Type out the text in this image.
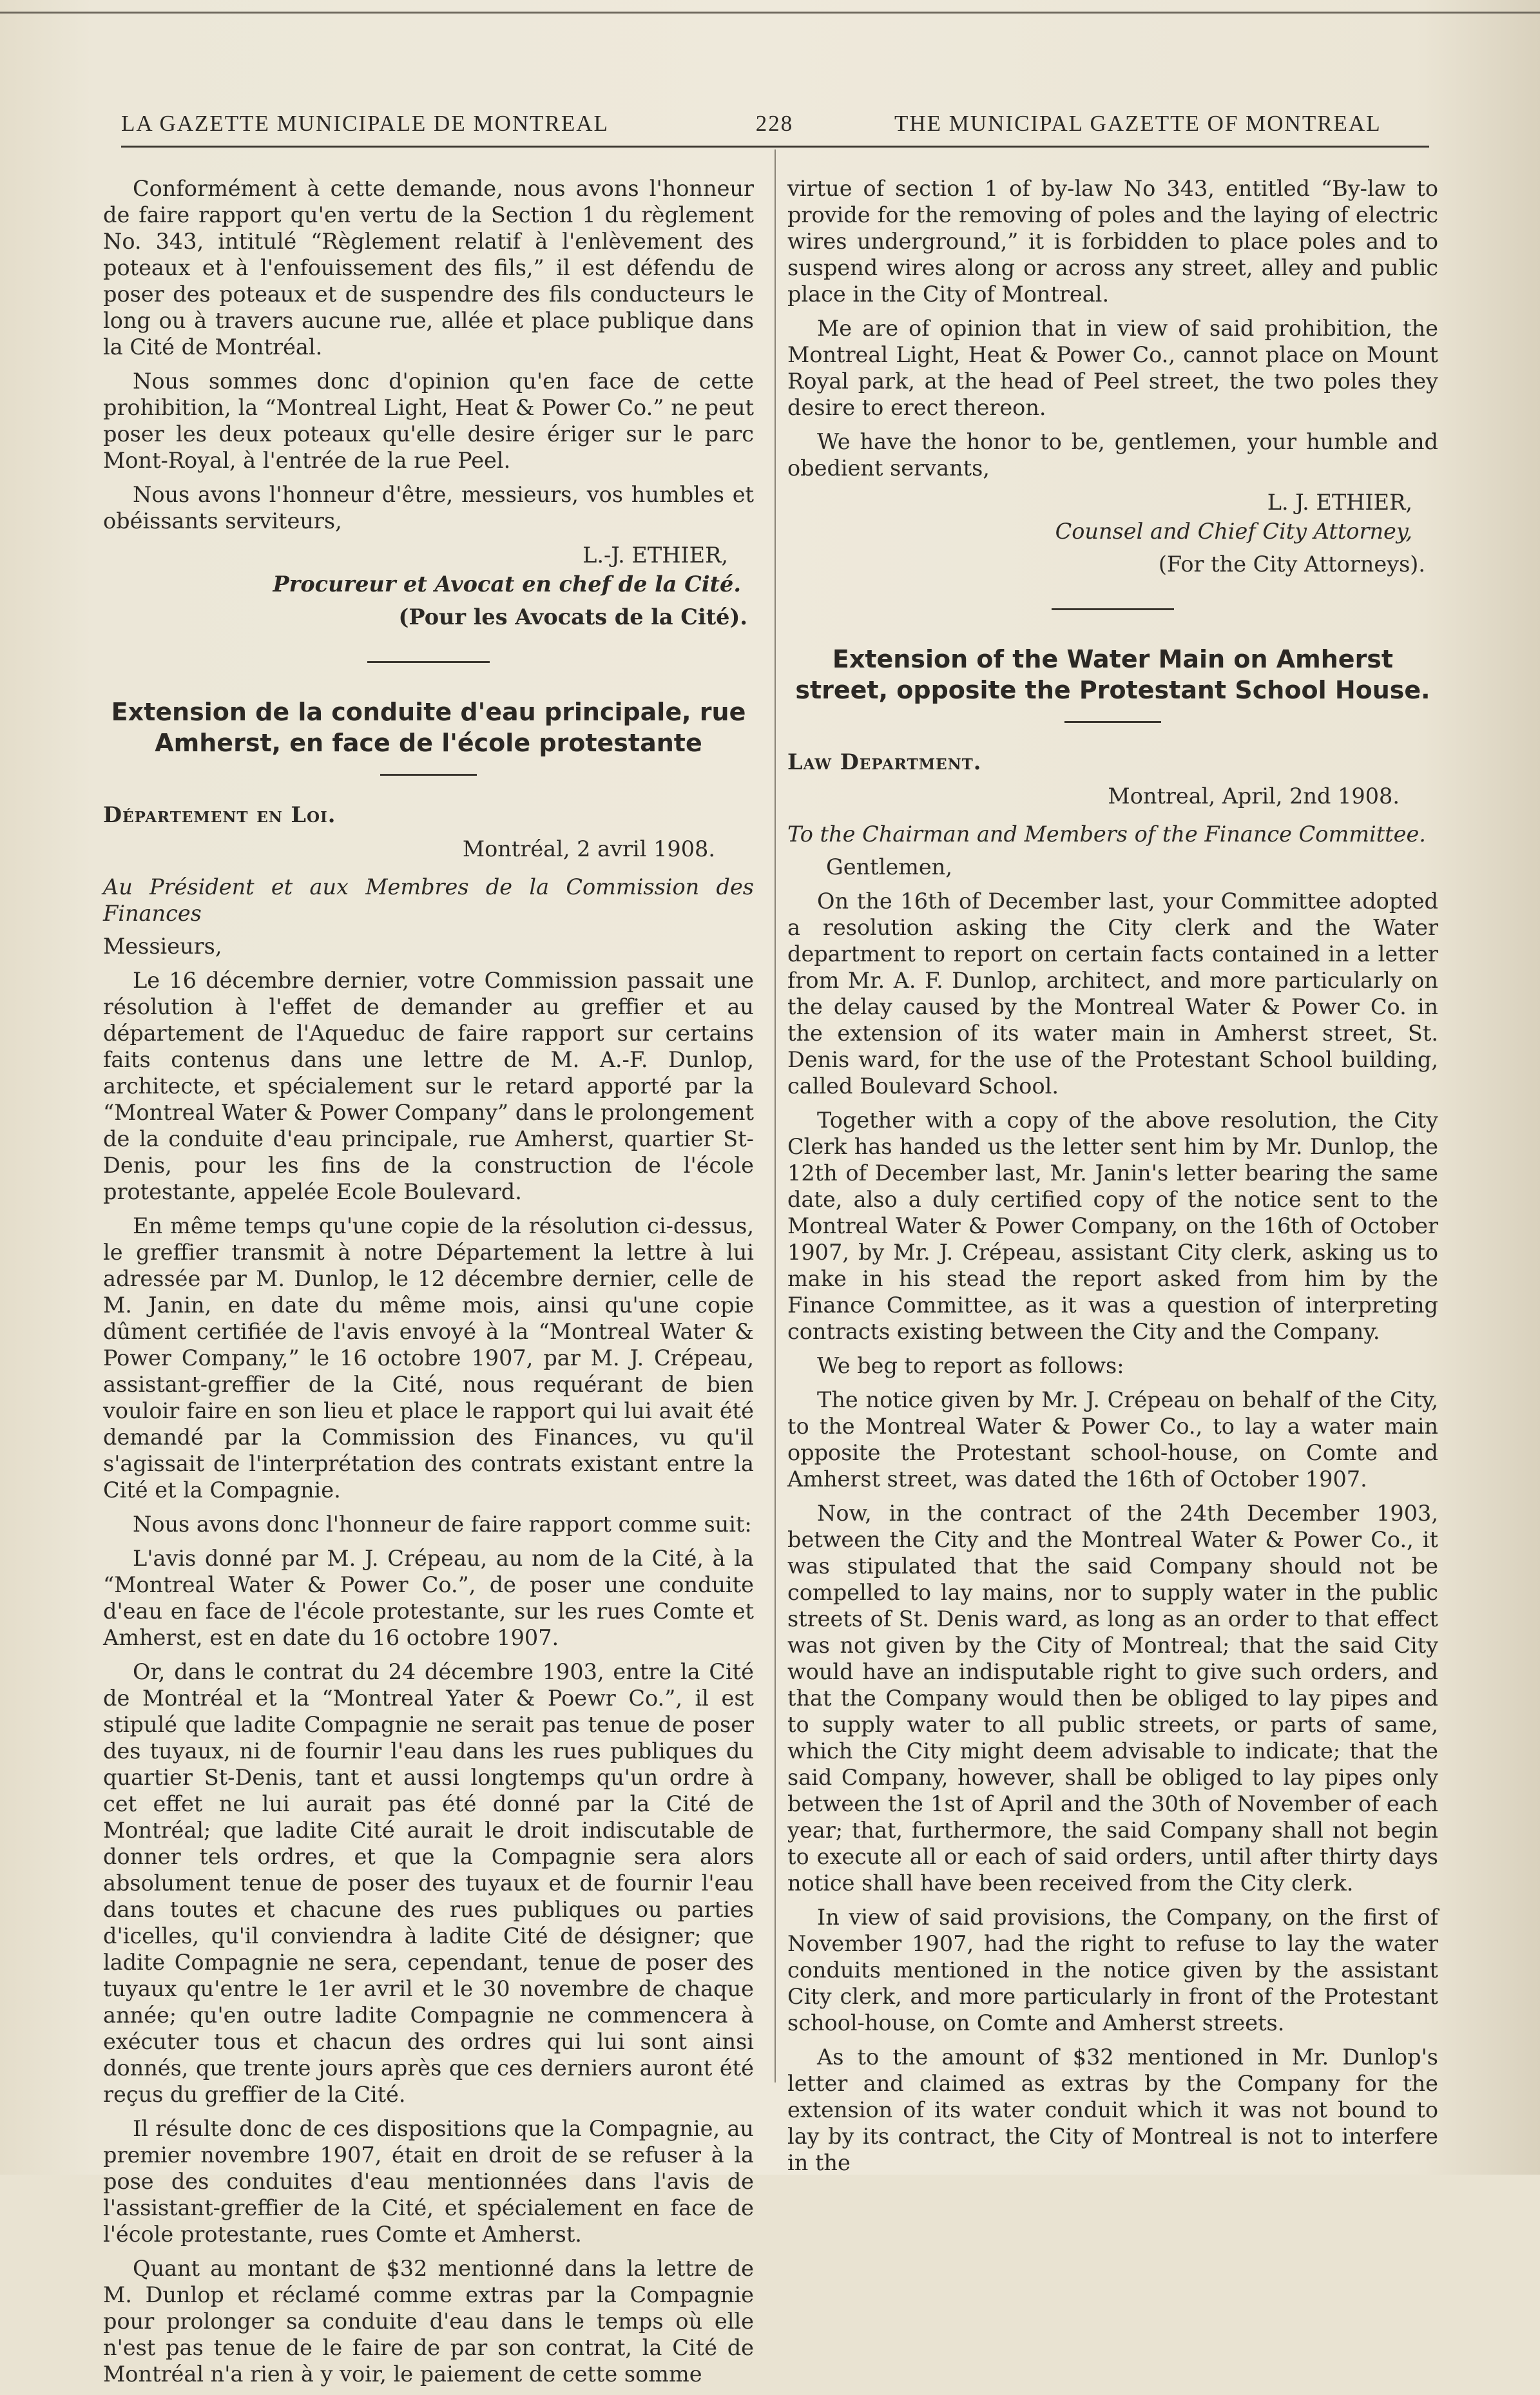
LA GAZETTE MUNICIPALE DE MONTREAL	228	THE MUNICIPAL GAZETTE OF MONTREAL

Conformément à cette demande, nous avons l'honneur de faire rapport qu'en vertu de la Section 1 du règlement No. 343, intitulé “Règlement relatif à l'enlèvement des poteaux et à l'enfouissement des fils,” il est défendu de poser des poteaux et de suspendre des fils conducteurs le long ou à travers aucune rue, allée et place publique dans la Cité de Montréal.

Nous sommes donc d'opinion qu'en face de cette prohibition, la “Montreal Light, Heat & Power Co.” ne peut poser les deux poteaux qu'elle desire ériger sur le parc Mont-Royal, à l'entrée de la rue Peel.

Nous avons l'honneur d'être, messieurs, vos humbles et obéissants serviteurs,

L.-J. ETHIER,
Procureur et Avocat en chef de la Cité.
(Pour les Avocats de la Cité).
Extension de la conduite d'eau principale, rue Amherst, en face de l'école protestante

Département en Loi.

Montréal, 2 avril 1908.

Au Président et aux Membres de la Commission des Finances

Messieurs,

Le 16 décembre dernier, votre Commission passait une résolution à l'effet de demander au greffier et au département de l'Aqueduc de faire rapport sur certains faits contenus dans une lettre de M. A.-F. Dunlop, architecte, et spécialement sur le retard apporté par la “Montreal Water & Power Company” dans le prolongement de la conduite d'eau principale, rue Amherst, quartier St-Denis, pour les fins de la construction de l'école protestante, appelée Ecole Boulevard.

En même temps qu'une copie de la résolution ci-dessus, le greffier transmit à notre Département la lettre à lui adressée par M. Dunlop, le 12 décembre dernier, celle de M. Janin, en date du même mois, ainsi qu'une copie dûment certifiée de l'avis envoyé à la “Montreal Water & Power Company,” le 16 octobre 1907, par M. J. Crépeau, assistant-greffier de la Cité, nous requérant de bien vouloir faire en son lieu et place le rapport qui lui avait été demandé par la Commission des Finances, vu qu'il s'agissait de l'interprétation des contrats existant entre la Cité et la Compagnie.

Nous avons donc l'honneur de faire rapport comme suit:

L'avis donné par M. J. Crépeau, au nom de la Cité, à la “Montreal Water & Power Co.”, de poser une conduite d'eau en face de l'école protestante, sur les rues Comte et Amherst, est en date du 16 octobre 1907.

Or, dans le contrat du 24 décembre 1903, entre la Cité de Montréal et la “Montreal Yater & Poewr Co.”, il est stipulé que ladite Compagnie ne serait pas tenue de poser des tuyaux, ni de fournir l'eau dans les rues publiques du quartier St-Denis, tant et aussi longtemps qu'un ordre à cet effet ne lui aurait pas été donné par la Cité de Montréal; que ladite Cité aurait le droit indiscutable de donner tels ordres, et que la Compagnie sera alors absolument tenue de poser des tuyaux et de fournir l'eau dans toutes et chacune des rues publiques ou parties d'icelles, qu'il conviendra à ladite Cité de désigner; que ladite Compagnie ne sera, cependant, tenue de poser des tuyaux qu'entre le 1er avril et le 30 novembre de chaque année; qu'en outre ladite Compagnie ne commencera à exécuter tous et chacun des ordres qui lui sont ainsi donnés, que trente jours après que ces derniers auront été reçus du greffier de la Cité.

Il résulte donc de ces dispositions que la Compagnie, au premier novembre 1907, était en droit de se refuser à la pose des conduites d'eau mentionnées dans l'avis de l'assistant-greffier de la Cité, et spécialement en face de l'école protestante, rues Comte et Amherst.

Quant au montant de $32 mentionné dans la lettre de M. Dunlop et réclamé comme extras par la Compagnie pour prolonger sa conduite d'eau dans le temps où elle n'est pas tenue de le faire de par son contrat, la Cité de Montréal n'a rien à y voir, le paiement de cette somme

virtue of section 1 of by-law No 343, entitled “By-law to provide for the removing of poles and the laying of electric wires underground,” it is forbidden to place poles and to suspend wires along or across any street, alley and public place in the City of Montreal.

Me are of opinion that in view of said prohibition, the Montreal Light, Heat & Power Co., cannot place on Mount Royal park, at the head of Peel street, the two poles they desire to erect thereon.

We have the honor to be, gentlemen, your humble and obedient servants,

L. J. ETHIER,
Counsel and Chief City Attorney,
(For the City Attorneys).
Extension of the Water Main on Amherst street, opposite the Protestant School House.

Law Department.

Montreal, April, 2nd 1908.

To the Chairman and Members of the Finance Committee.

Gentlemen,

On the 16th of December last, your Committee adopted a resolution asking the City clerk and the Water department to report on certain facts contained in a letter from Mr. A. F. Dunlop, architect, and more particularly on the delay caused by the Montreal Water & Power Co. in the extension of its water main in Amherst street, St. Denis ward, for the use of the Protestant School building, called Boulevard School.

Together with a copy of the above resolution, the City Clerk has handed us the letter sent him by Mr. Dunlop, the 12th of December last, Mr. Janin's letter bearing the same date, also a duly certified copy of the notice sent to the Montreal Water & Power Company, on the 16th of October 1907, by Mr. J. Crépeau, assistant City clerk, asking us to make in his stead the report asked from him by the Finance Committee, as it was a question of interpreting contracts existing between the City and the Company.

We beg to report as follows:

The notice given by Mr. J. Crépeau on behalf of the City, to the Montreal Water & Power Co., to lay a water main opposite the Protestant school-house, on Comte and Amherst street, was dated the 16th of October 1907.

Now, in the contract of the 24th December 1903, between the City and the Montreal Water & Power Co., it was stipulated that the said Company should not be compelled to lay mains, nor to supply water in the public streets of St. Denis ward, as long as an order to that effect was not given by the City of Montreal; that the said City would have an indisputable right to give such orders, and that the Company would then be obliged to lay pipes and to supply water to all public streets, or parts of same, which the City might deem advisable to indicate; that the said Company, however, shall be obliged to lay pipes only between the 1st of April and the 30th of November of each year; that, furthermore, the said Company shall not begin to execute all or each of said orders, until after thirty days notice shall have been received from the City clerk.

In view of said provisions, the Company, on the first of November 1907, had the right to refuse to lay the water conduits mentioned in the notice given by the assistant City clerk, and more particularly in front of the Protestant school-house, on Comte and Amherst streets.

As to the amount of $32 mentioned in Mr. Dunlop's letter and claimed as extras by the Company for the extension of its water conduit which it was not bound to lay by its contract, the City of Montreal is not to interfere in the
